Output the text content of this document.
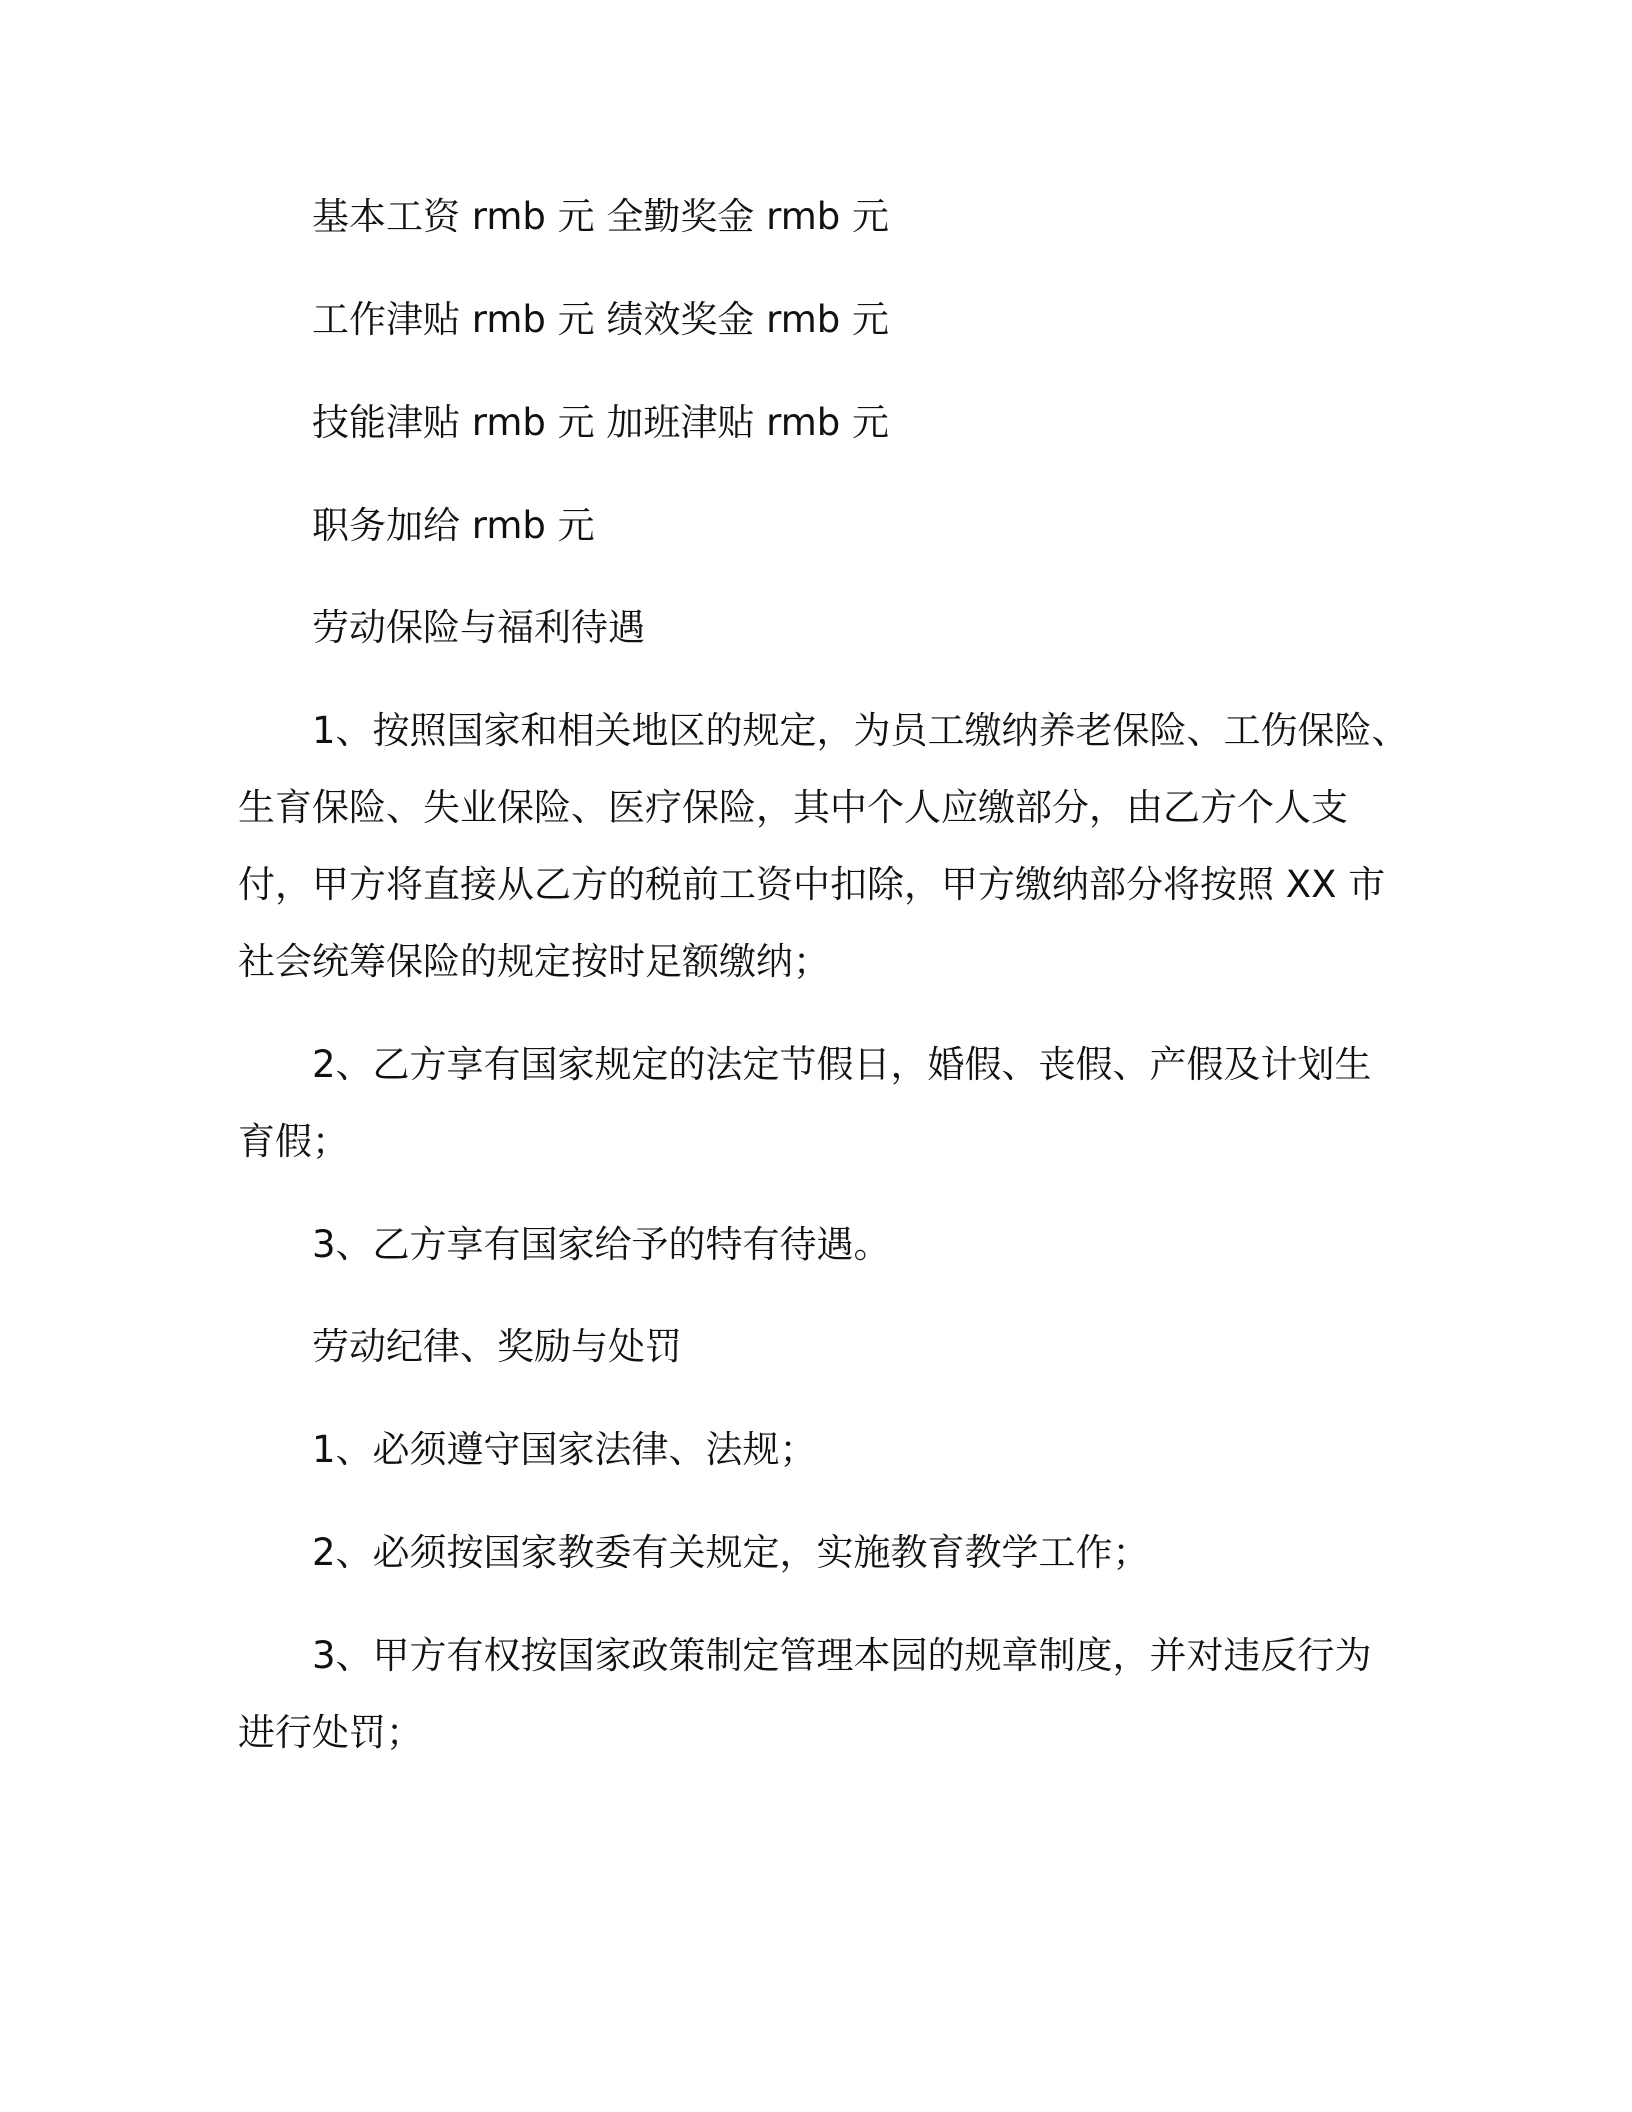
基本工资 rmb 元 全勤奖金 rmb 元

工作津贴 rmb 元 绩效奖金 rmb 元

技能津贴 rmb 元 加班津贴 rmb 元

职务加给 rmb 元

劳动保险与福利待遇

1、按照国家和相关地区的规定，为员工缴纳养老保险、工伤保险、

生育保险、失业保险、医疗保险，其中个人应缴部分，由乙方个人支

付，甲方将直接从乙方的税前工资中扣除，甲方缴纳部分将按照 XX 市

社会统筹保险的规定按时足额缴纳；

2、乙方享有国家规定的法定节假日，婚假、丧假、产假及计划生

育假；

3、乙方享有国家给予的特有待遇。

劳动纪律、奖励与处罚

1、必须遵守国家法律、法规；

2、必须按国家教委有关规定，实施教育教学工作；

3、甲方有权按国家政策制定管理本园的规章制度，并对违反行为

进行处罚；
